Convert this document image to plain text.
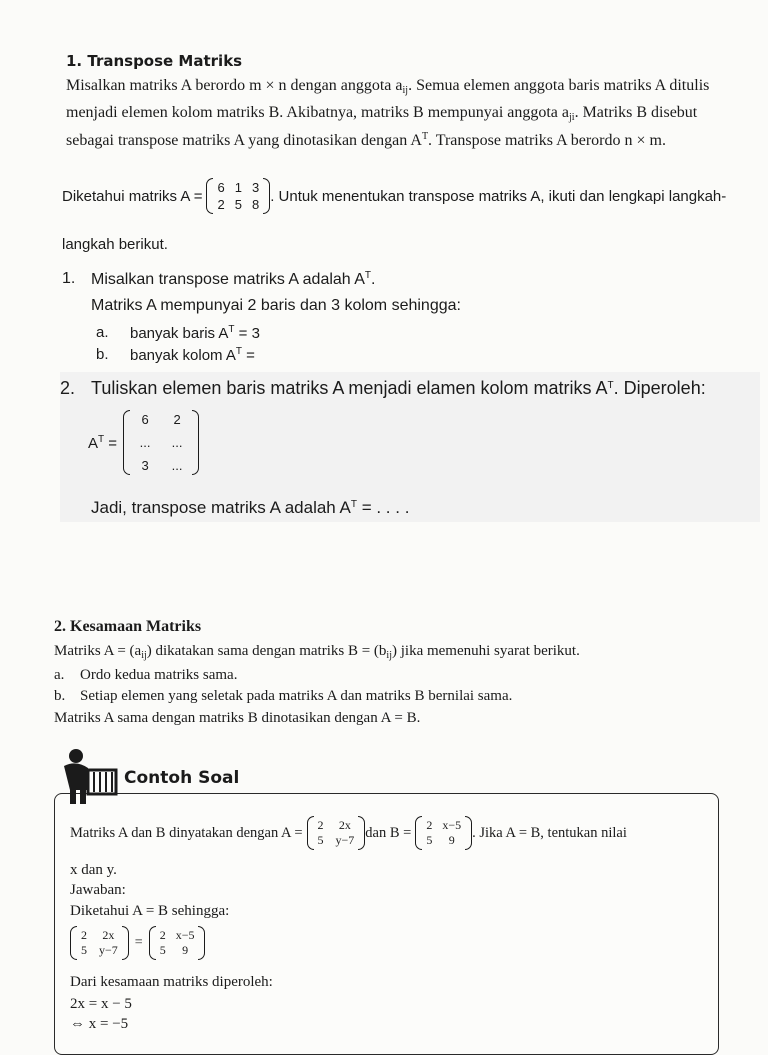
1. Transpose Matriks
Misalkan matriks A berordo m × n dengan anggota $a_{ij}$. Semua elemen anggota baris matriks A ditulis
menjadi elemen kolom matriks B. Akibatnya, matriks B mempunyai anggota $a_{ji}$. Matriks B disebut
sebagai transpose matriks A yang dinotasikan dengan $A^T$. Transpose matriks A berordo n × m.
Diketahui matriks A = 6 1 3
2 5 8 . Untuk menentukan transpose matriks A, ikuti dan lengkapi langkah-
langkah berikut.
1. Misalkan transpose matriks A adalah $A^T$.
Matriks A mempunyai 2 baris dan 3 kolom sehingga:
a. banyak baris $A^T = 3$
b. banyak kolom $A^T$ =
2. Tuliskan elemen baris matriks A menjadi elamen kolom matriks $A^T$. Diperoleh:
$A^T$ =
6	2
...	...
3	...
Jadi, transpose matriks A adalah $A^T$ = . . . .
2. Kesamaan Matriks
Matriks $A = (a_{ij})$ dikatakan sama dengan matriks $B = (b_{ij})$ jika memenuhi syarat berikut.
a. Ordo kedua matriks sama.
b. Setiap elemen yang seletak pada matriks A dan matriks B bernilai sama.
Matriks A sama dengan matriks B dinotasikan dengan A = B.
Contoh Soal
Matriks A dan B dinyatakan dengan A = 2 2x
5 y−7 dan B = 2 x−5
5	9	. Jika A = B, tentukan nilai
x dan y.
Jawaban:
Diketahui A = B sehingga:
2 2x
5 y−7 = 2 x−5
5	9
Dari kesamaan matriks diperoleh:
2x = x − 5
⇔ x = −5
